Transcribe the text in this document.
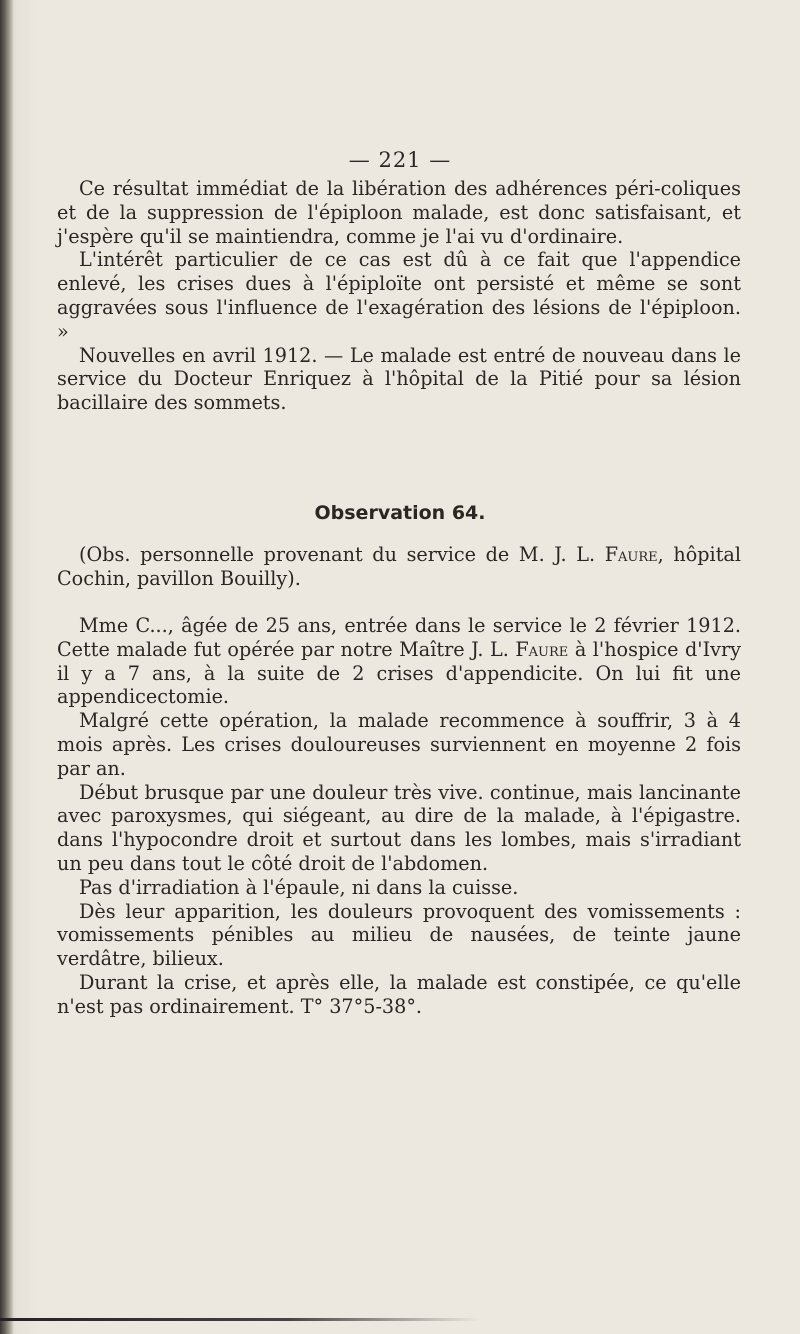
— 221 —

Ce résultat immédiat de la libération des adhérences péri-coliques et de la suppression de l'épiploon malade, est donc satisfaisant, et j'espère qu'il se maintiendra, comme je l'ai vu d'ordinaire.

L'intérêt particulier de ce cas est dû à ce fait que l'appendice enlevé, les crises dues à l'épiploïte ont persisté et même se sont aggravées sous l'influence de l'exagération des lésions de l'épiploon. »

Nouvelles en avril 1912. — Le malade est entré de nouveau dans le service du Docteur Enriquez à l'hôpital de la Pitié pour sa lésion bacillaire des sommets.

Observation 64.

(Obs. personnelle provenant du service de M. J. L. Faure, hôpital Cochin, pavillon Bouilly).

Mme C..., âgée de 25 ans, entrée dans le service le 2 février 1912. Cette malade fut opérée par notre Maître J. L. Faure à l'hospice d'Ivry il y a 7 ans, à la suite de 2 crises d'appendicite. On lui fit une appendicectomie.

Malgré cette opération, la malade recommence à souffrir, 3 à 4 mois après. Les crises douloureuses surviennent en moyenne 2 fois par an.

Début brusque par une douleur très vive. continue, mais lancinante avec paroxysmes, qui siégeant, au dire de la malade, à l'épigastre. dans l'hypocondre droit et surtout dans les lombes, mais s'irradiant un peu dans tout le côté droit de l'abdomen.

Pas d'irradiation à l'épaule, ni dans la cuisse.

Dès leur apparition, les douleurs provoquent des vomissements : vomissements pénibles au milieu de nausées, de teinte jaune verdâtre, bilieux.

Durant la crise, et après elle, la malade est constipée, ce qu'elle n'est pas ordinairement. T° 37°5-38°.
